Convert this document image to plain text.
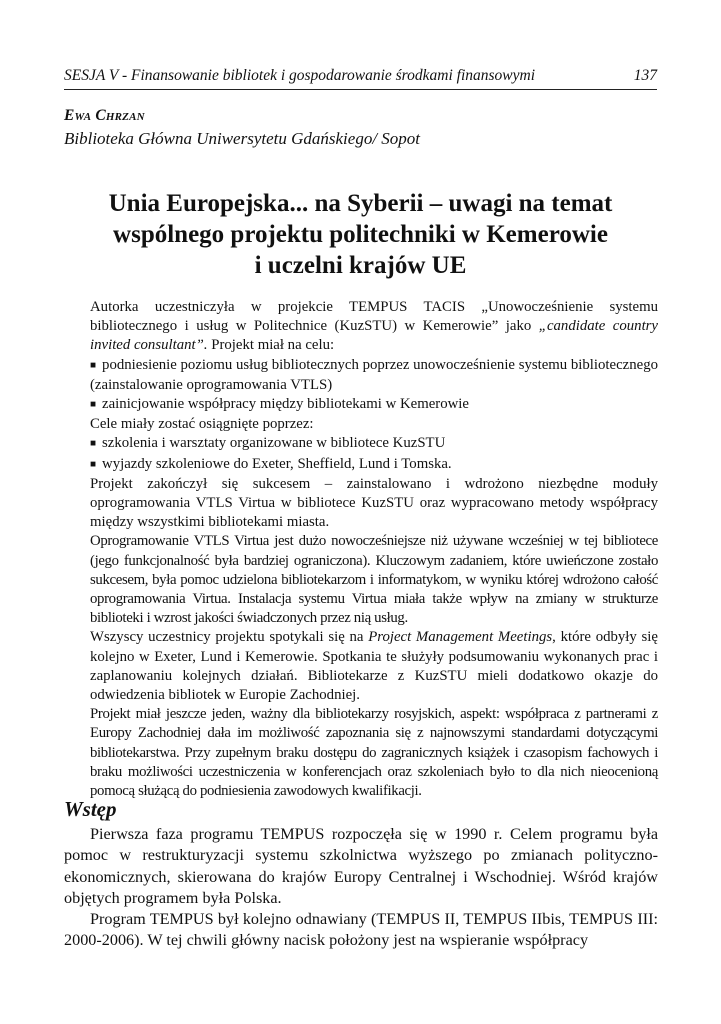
SESJA V - Finansowanie bibliotek i gospodarowanie środkami finansowymi	137
Ewa Chrzan
Biblioteka Główna Uniwersytetu Gdańskiego/ Sopot
Unia Europejska... na Syberii – uwagi na temat
wspólnego projektu politechniki w Kemerowie
i uczelni krajów UE

Autorka uczestniczyła w projekcie TEMPUS TACIS „Unowocześnienie systemu bibliotecznego i usług w Politechnice (KuzSTU) w Kemerowie” jako „candidate country invited consultant”. Projekt miał na celu:

■ podniesienie poziomu usług bibliotecznych poprzez unowocześnienie systemu bibliotecznego (zainstalowanie oprogramowania VTLS)

■ zainicjowanie współpracy między bibliotekami w Kemerowie

Cele miały zostać osiągnięte poprzez:

■ szkolenia i warsztaty organizowane w bibliotece KuzSTU

■ wyjazdy szkoleniowe do Exeter, Sheffield, Lund i Tomska.

Projekt zakończył się sukcesem – zainstalowano i wdrożono niezbędne moduły oprogramowania VTLS Virtua w bibliotece KuzSTU oraz wypracowano metody współpracy między wszystkimi bibliotekami miasta.

Oprogramowanie VTLS Virtua jest dużo nowocześniejsze niż używane wcześniej w tej bibliotece (jego funkcjonalność była bardziej ograniczona). Kluczowym zadaniem, które uwieńczone zostało sukcesem, była pomoc udzielona bibliotekarzom i informatykom, w wyniku której wdrożono całość oprogramowania Virtua. Instalacja systemu Virtua miała także wpływ na zmiany w strukturze biblioteki i wzrost jakości świadczonych przez nią usług.

Wszyscy uczestnicy projektu spotykali się na Project Management Meetings, które odbyły się kolejno w Exeter, Lund i Kemerowie. Spotkania te służyły podsumowaniu wykonanych prac i zaplanowaniu kolejnych działań. Bibliotekarze z KuzSTU mieli dodatkowo okazje do odwiedzenia bibliotek w Europie Zachodniej.

Projekt miał jeszcze jeden, ważny dla bibliotekarzy rosyjskich, aspekt: współpraca z partnerami z Europy Zachodniej dała im możliwość zapoznania się z najnowszymi standardami dotyczącymi bibliotekarstwa. Przy zupełnym braku dostępu do zagranicznych książek i czasopism fachowych i braku możliwości uczestniczenia w konferencjach oraz szkoleniach było to dla nich nieocenioną pomocą służącą do podniesienia zawodowych kwalifikacji.

Wstęp

Pierwsza faza programu TEMPUS rozpoczęła się w 1990 r. Celem programu była pomoc w restrukturyzacji systemu szkolnictwa wyższego po zmianach polityczno-ekonomicznych, skierowana do krajów Europy Centralnej i Wschodniej. Wśród krajów objętych programem była Polska.

Program TEMPUS był kolejno odnawiany (TEMPUS II, TEMPUS IIbis, TEMPUS III: 2000-2006). W tej chwili główny nacisk położony jest na wspieranie współpracy
